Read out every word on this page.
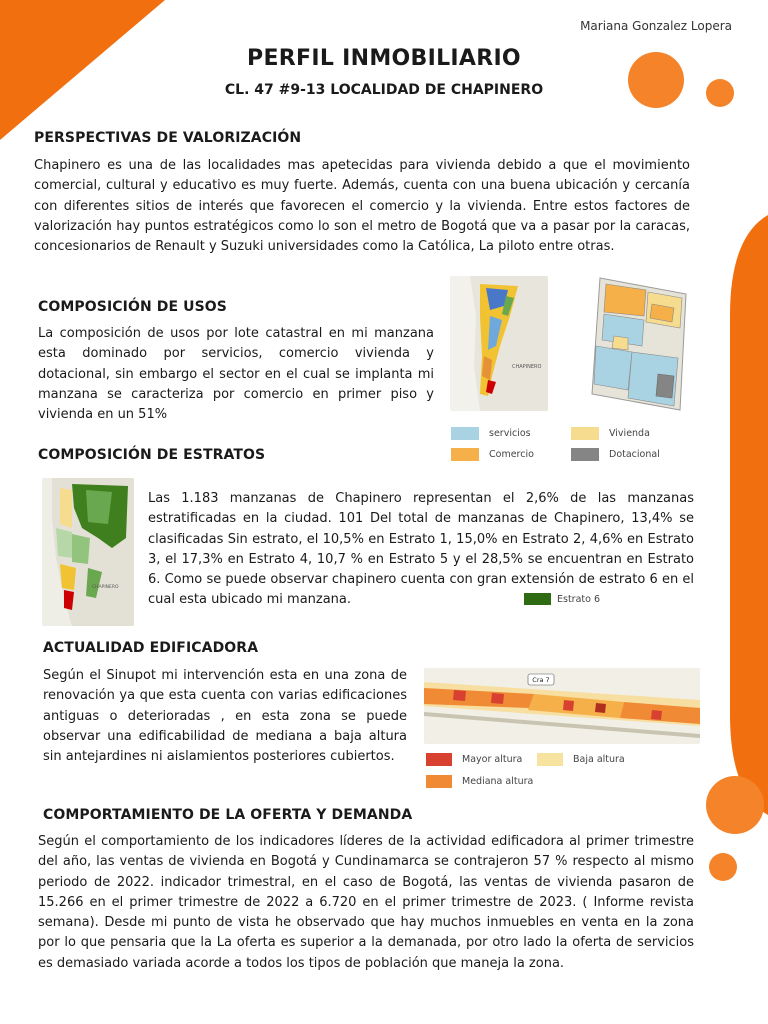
Mariana Gonzalez Lopera
PERFIL INMOBILIARIO
CL. 47 #9-13 LOCALIDAD DE CHAPINERO
PERSPECTIVAS DE VALORIZACIÓN
Chapinero es una de las localidades mas apetecidas para vivienda debido a que el movimiento comercial, cultural y educativo es muy fuerte. Además, cuenta con una buena ubicación y cercanía con diferentes sitios de interés que favorecen el comercio y la vivienda. Entre estos factores de valorización hay puntos estratégicos como lo son el metro de Bogotá que va a pasar por la caracas, concesionarios de Renault y Suzuki universidades como la Católica, La piloto entre otras.
COMPOSICIÓN DE USOS
La composición de usos por lote catastral en mi manzana esta dominado por servicios, comercio vivienda y dotacional, sin embargo el sector en el cual se implanta mi manzana se caracteriza por comercio en primer piso y vivienda en un 51%
CHAPINERO
servicios	Vivienda
Comercio	Dotacional
COMPOSICIÓN DE ESTRATOS
CHAPINERO
Las 1.183 manzanas de Chapinero representan el 2,6% de las manzanas estratificadas en la ciudad. 101 Del total de manzanas de Chapinero, 13,4% se clasificadas Sin estrato, el 10,5% en Estrato 1, 15,0% en Estrato 2, 4,6% en Estrato 3, el 17,3% en Estrato 4, 10,7 % en Estrato 5 y el 28,5% se encuentran en Estrato 6. Como se puede observar chapinero cuenta con gran extensión de estrato 6 en el cual esta ubicado mi manzana.	Estrato 6
ACTUALIDAD EDIFICADORA
Según el Sinupot mi intervención esta en una zona de renovación ya que esta cuenta con varias edificaciones antiguas o deterioradas , en esta zona se puede observar una edificabilidad de mediana a baja altura sin antejardines ni aislamientos posteriores cubiertos.
Cra 7
Mayor altura	Baja altura
Mediana altura
COMPORTAMIENTO DE LA OFERTA Y DEMANDA
Según el comportamiento de los indicadores líderes de la actividad edificadora al primer trimestre del año, las ventas de vivienda en Bogotá y Cundinamarca se contrajeron 57 % respecto al mismo periodo de 2022. indicador trimestral, en el caso de Bogotá, las ventas de vivienda pasaron de 15.266 en el primer trimestre de 2022 a 6.720 en el primer trimestre de 2023. ( Informe revista semana). Desde mi punto de vista he observado que hay muchos inmuebles en venta en la zona por lo que pensaria que la La oferta es superior a la demanada, por otro lado la oferta de servicios es demasiado variada acorde a todos los tipos de población que maneja la zona.
